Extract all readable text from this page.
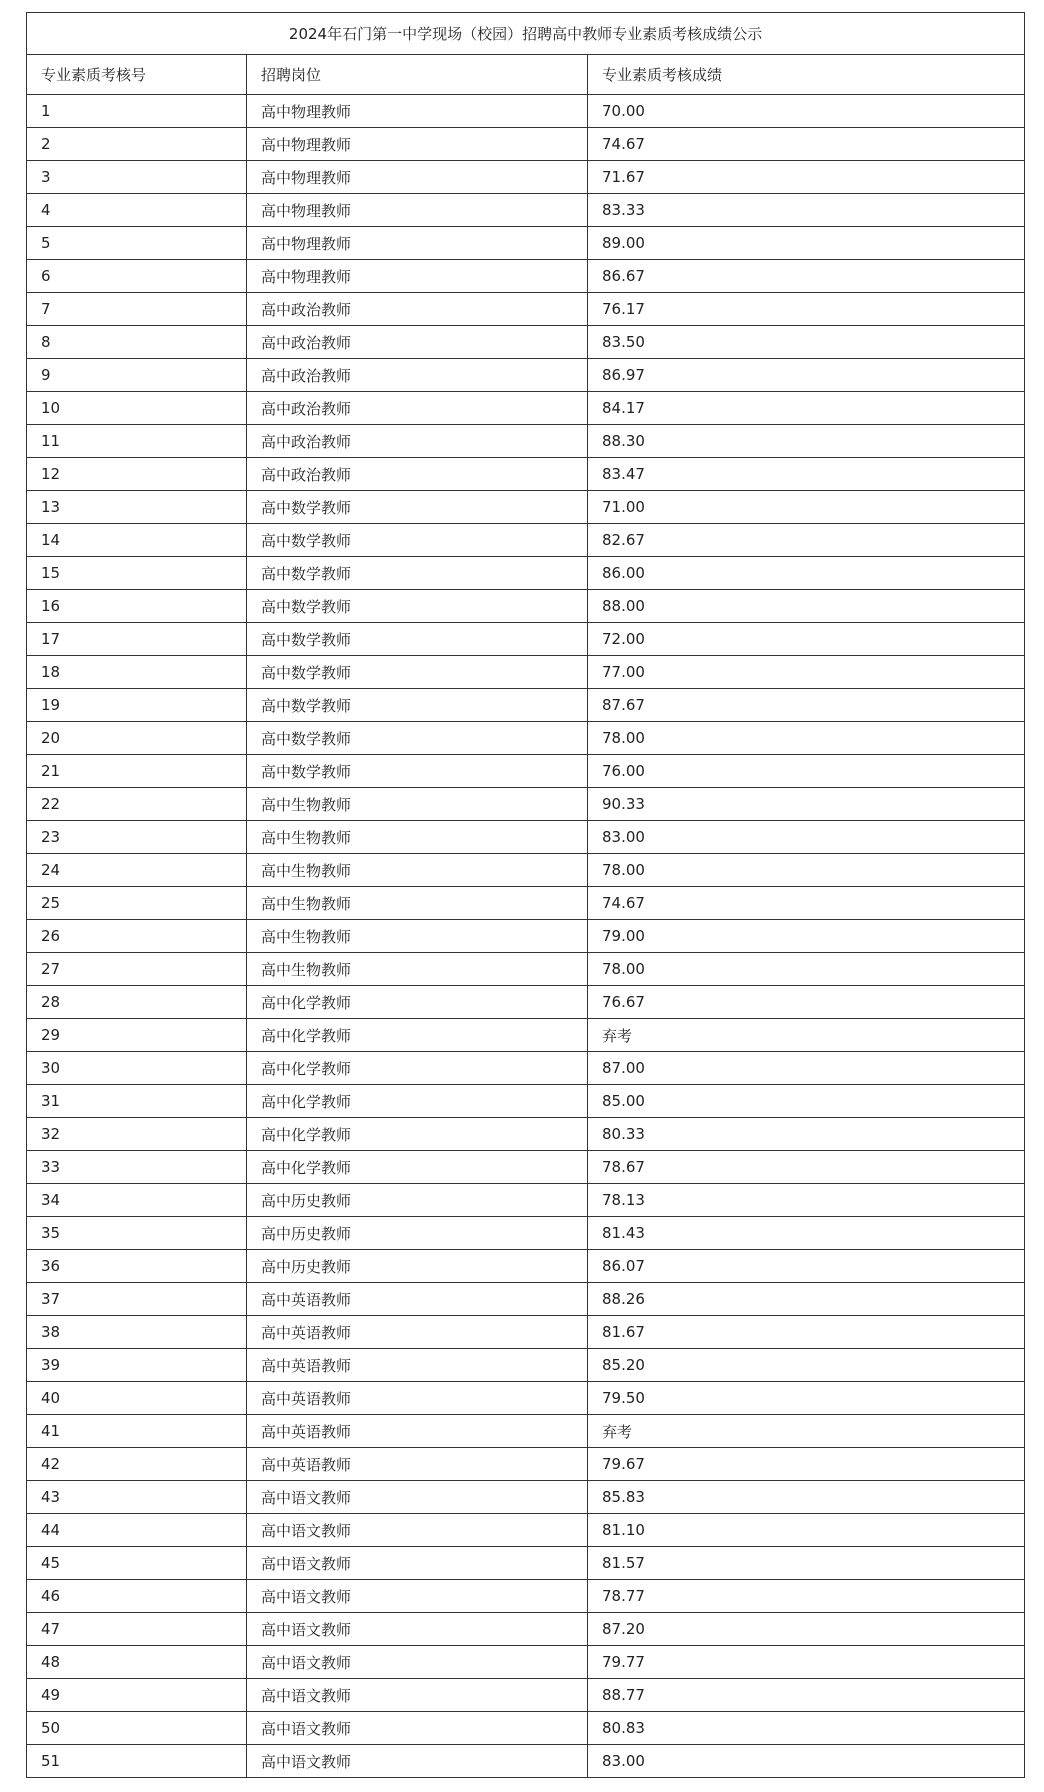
2024年石门第一中学现场（校园）招聘高中教师专业素质考核成绩公示		
专业素质考核号	招聘岗位	专业素质考核成绩
1	高中物理教师	70.00
2	高中物理教师	74.67
3	高中物理教师	71.67
4	高中物理教师	83.33
5	高中物理教师	89.00
6	高中物理教师	86.67
7	高中政治教师	76.17
8	高中政治教师	83.50
9	高中政治教师	86.97
10	高中政治教师	84.17
11	高中政治教师	88.30
12	高中政治教师	83.47
13	高中数学教师	71.00
14	高中数学教师	82.67
15	高中数学教师	86.00
16	高中数学教师	88.00
17	高中数学教师	72.00
18	高中数学教师	77.00
19	高中数学教师	87.67
20	高中数学教师	78.00
21	高中数学教师	76.00
22	高中生物教师	90.33
23	高中生物教师	83.00
24	高中生物教师	78.00
25	高中生物教师	74.67
26	高中生物教师	79.00
27	高中生物教师	78.00
28	高中化学教师	76.67
29	高中化学教师	弃考
30	高中化学教师	87.00
31	高中化学教师	85.00
32	高中化学教师	80.33
33	高中化学教师	78.67
34	高中历史教师	78.13
35	高中历史教师	81.43
36	高中历史教师	86.07
37	高中英语教师	88.26
38	高中英语教师	81.67
39	高中英语教师	85.20
40	高中英语教师	79.50
41	高中英语教师	弃考
42	高中英语教师	79.67
43	高中语文教师	85.83
44	高中语文教师	81.10
45	高中语文教师	81.57
46	高中语文教师	78.77
47	高中语文教师	87.20
48	高中语文教师	79.77
49	高中语文教师	88.77
50	高中语文教师	80.83
51	高中语文教师	83.00
